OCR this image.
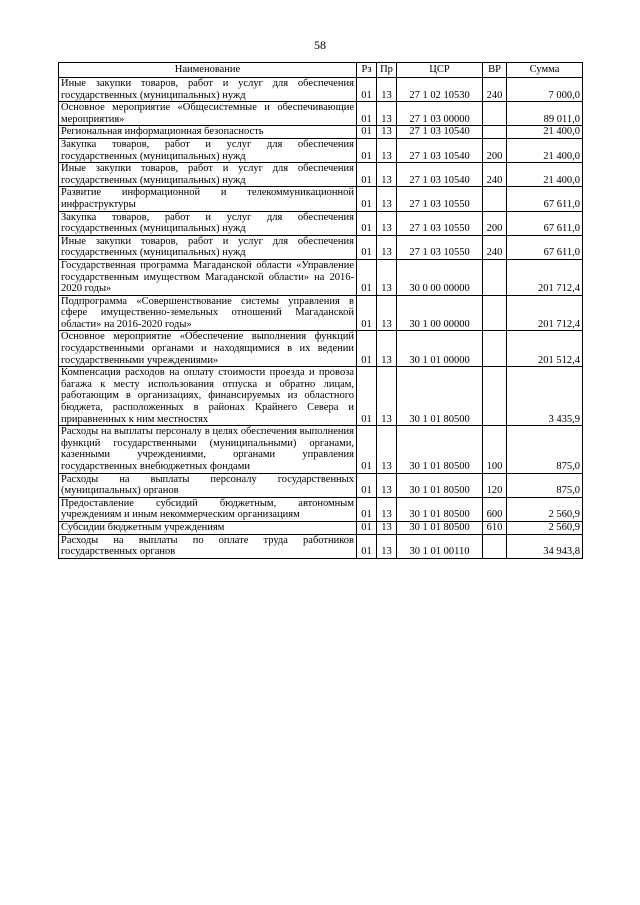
58
Наименование	Рз	Пр	ЦСР	ВР	Сумма
Иные закупки товаров, работ и услуг для обеспечения государственных (муниципальных) нужд	01	13	27 1 02 10530	240	7 000,0
Основное мероприятие «Общесистемные и обеспечивающие мероприятия»	01	13	27 1 03 00000		89 011,0
Региональная информационная безопасность	01	13	27 1 03 10540		21 400,0
Закупка товаров, работ и услуг для обеспечения государственных (муниципальных) нужд	01	13	27 1 03 10540	200	21 400,0
Иные закупки товаров, работ и услуг для обеспечения государственных (муниципальных) нужд	01	13	27 1 03 10540	240	21 400,0
Развитие информационной и телекоммуникационной инфраструктуры	01	13	27 1 03 10550		67 611,0
Закупка товаров, работ и услуг для обеспечения государственных (муниципальных) нужд	01	13	27 1 03 10550	200	67 611,0
Иные закупки товаров, работ и услуг для обеспечения государственных (муниципальных) нужд	01	13	27 1 03 10550	240	67 611,0
Государственная программа Магаданской области «Управление государственным имуществом Магаданской области» на 2016-2020 годы»	01	13	30 0 00 00000		201 712,4
Подпрограмма «Совершенствование системы управления в сфере имущественно-земельных отношений Магаданской области» на 2016-2020 годы»	01	13	30 1 00 00000		201 712,4
Основное мероприятие «Обеспечение выполнения функций государственными органами и находящимися в их ведении государственными учреждениями»	01	13	30 1 01 00000		201 512,4
Компенсация расходов на оплату стоимости проезда и провоза багажа к месту использования отпуска и обратно лицам, работающим в организациях, финансируемых из областного бюджета, расположенных в районах Крайнего Севера и приравненных к ним местностях	01	13	30 1 01 80500		3 435,9
Расходы на выплаты персоналу в целях обеспечения выполнения функций государственными (муниципальными) органами, казенными учреждениями, органами управления государственных внебюджетных фондами	01	13	30 1 01 80500	100	875,0
Расходы на выплаты персоналу государственных (муниципальных) органов	01	13	30 1 01 80500	120	875,0
Предоставление субсидий бюджетным, автономным учреждениям и иным некоммерческим организациям	01	13	30 1 01 80500	600	2 560,9
Субсидии бюджетным учреждениям	01	13	30 1 01 80500	610	2 560,9
Расходы на выплаты по оплате труда работников государственных органов	01	13	30 1 01 00110		34 943,8
